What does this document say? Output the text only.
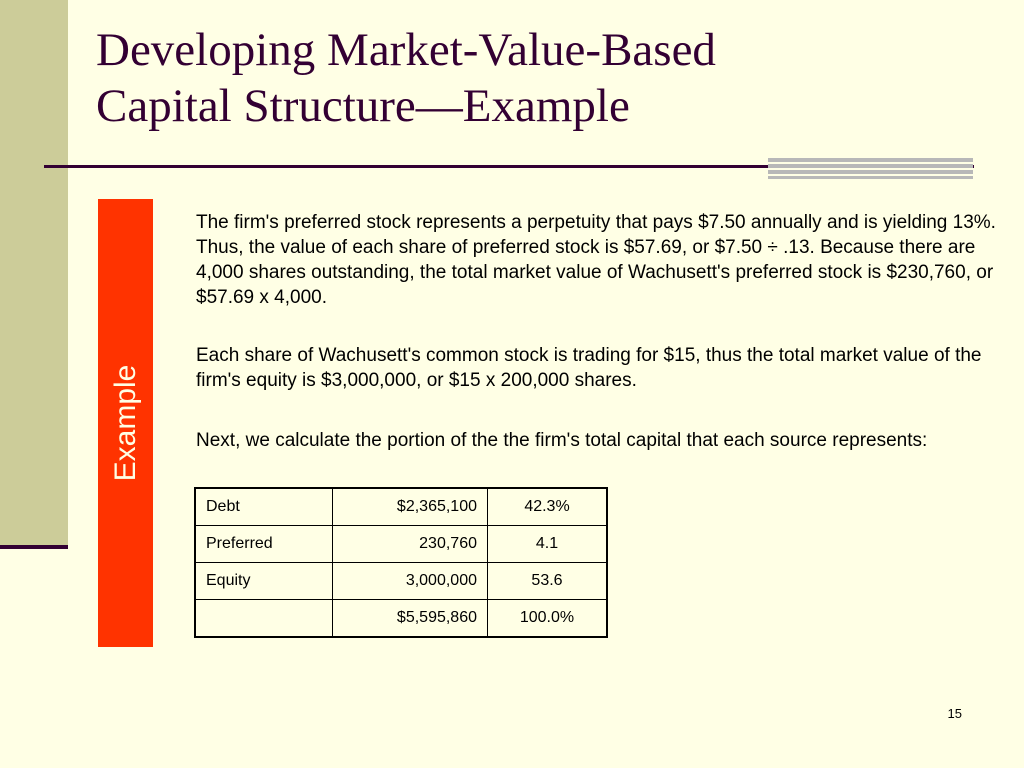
Developing Market-Value-Based
Capital Structure—Example
Example

The firm's preferred stock represents a perpetuity that pays $7.50 annually and is yielding 13%. Thus, the value of each share of preferred stock is $57.69, or $7.50 ÷ .13. Because there are 4,000 shares outstanding, the total market value of Wachusett's preferred stock is $230,760, or $57.69 x 4,000.

Each share of Wachusett's common stock is trading for $15, thus the total market value of the firm's equity is $3,000,000, or $15 x 200,000 shares.

Next, we calculate the portion of the the firm's total capital that each source represents:

Debt	$2,365,100	42.3%
Preferred	230,760	4.1
Equity	3,000,000	53.6
	$5,595,860	100.0%
15
